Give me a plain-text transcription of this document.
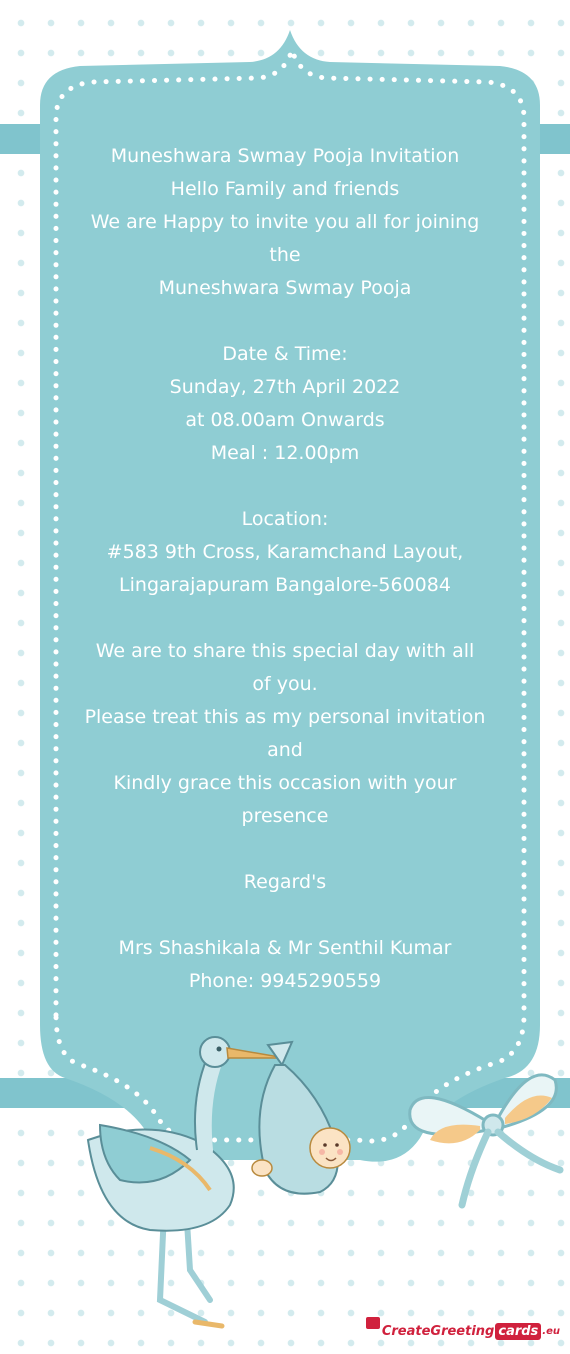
Muneshwara Swmay Pooja Invitation
Hello Family and friends
We are Happy to invite you all for joining
the
Muneshwara Swmay Pooja
Date & Time:
Sunday, 27th April 2022
at 08.00am Onwards
Meal : 12.00pm
Location:
#583 9th Cross, Karamchand Layout,
Lingarajapuram Bangalore-560084
We are to share this special day with all
of you.
Please treat this as my personal invitation
and
Kindly grace this occasion with your
presence
Regard's
Mrs Shashikala & Mr Senthil Kumar
Phone: 9945290559
CreateGreeting cards .eu
